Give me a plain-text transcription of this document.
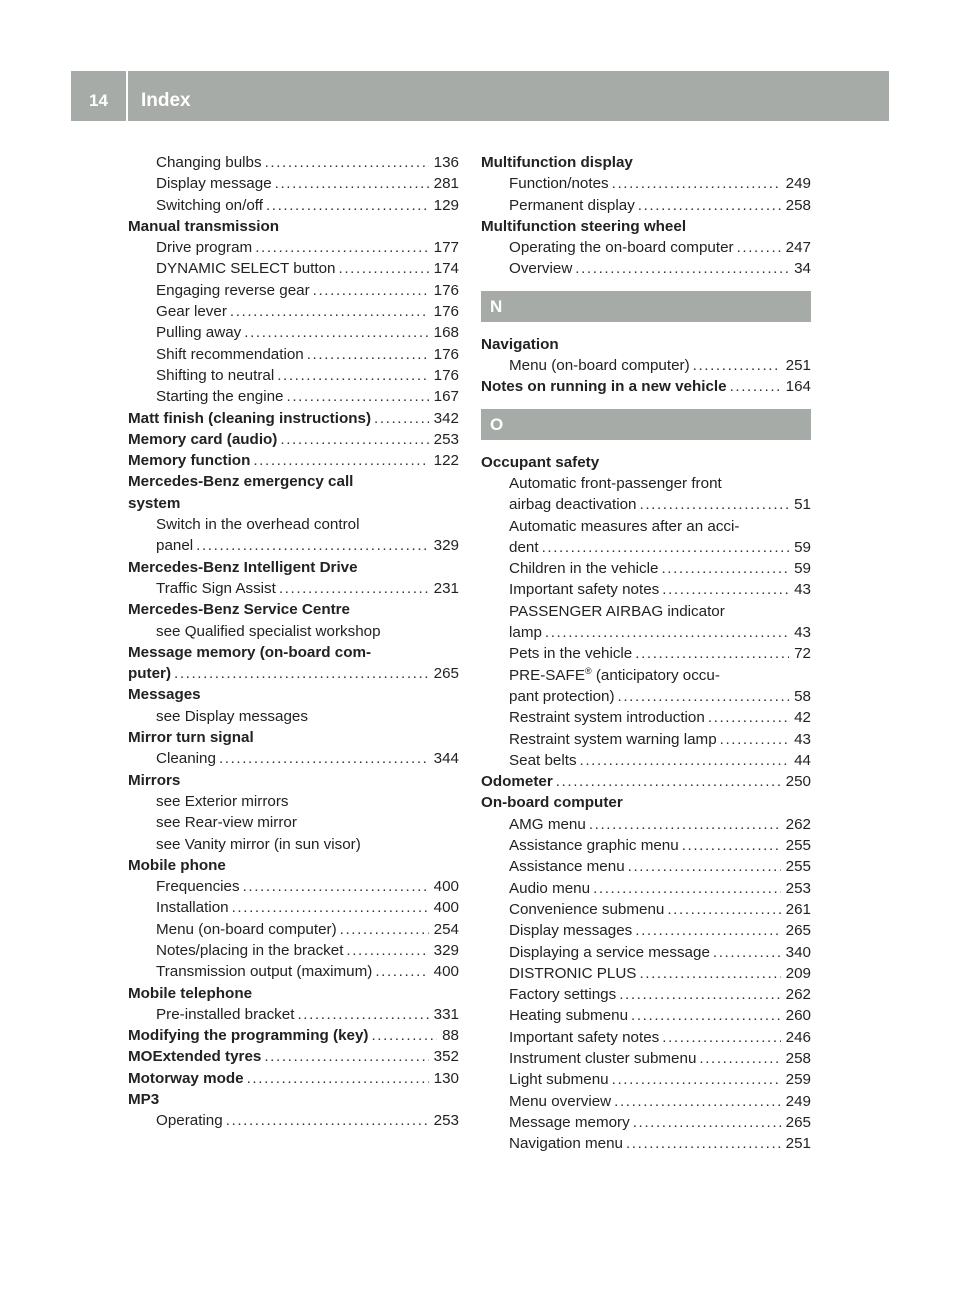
14	Index
Changing bulbs .....	136
Display message .....	281
Switching on/off .....	129
Manual transmission
Drive program .....	177
DYNAMIC SELECT button .....	174
Engaging reverse gear .....	176
Gear lever .....	176
Pulling away .....	168
Shift recommendation .....	176
Shifting to neutral .....	176
Starting the engine .....	167
Matt finish (cleaning instructions) .....	342
Memory card (audio) .....	253
Memory function .....	122
Mercedes-Benz emergency call
system
Switch in the overhead control
panel .....	329
Mercedes-Benz Intelligent Drive
Traffic Sign Assist .....	231
Mercedes-Benz Service Centre
see Qualified specialist workshop
Message memory (on-board com-
puter) .....	265
Messages
see Display messages
Mirror turn signal
Cleaning .....	344
Mirrors
see Exterior mirrors
see Rear-view mirror
see Vanity mirror (in sun visor)
Mobile phone
Frequencies .....	400
Installation .....	400
Menu (on-board computer) .....	254
Notes/placing in the bracket .....	329
Transmission output (maximum) .....	400
Mobile telephone
Pre-installed bracket .....	331
Modifying the programming (key) .....	88
MOExtended tyres .....	352
Motorway mode .....	130
MP3
Operating .....	253
Multifunction display
Function/notes .....	249
Permanent display .....	258
Multifunction steering wheel
Operating the on-board computer .....	247
Overview .....	34
N
Navigation
Menu (on-board computer) .....	251
Notes on running in a new vehicle .....	164
O
Occupant safety
Automatic front-passenger front
airbag deactivation .....	51
Automatic measures after an acci-
dent .....	59
Children in the vehicle .....	59
Important safety notes .....	43
PASSENGER AIRBAG indicator
lamp .....	43
Pets in the vehicle .....	72
PRE-SAFE® (anticipatory occu-
pant protection) .....	58
Restraint system introduction .....	42
Restraint system warning lamp .....	43
Seat belts .....	44
Odometer .....	250
On-board computer
AMG menu .....	262
Assistance graphic menu .....	255
Assistance menu .....	255
Audio menu .....	253
Convenience submenu .....	261
Display messages .....	265
Displaying a service message .....	340
DISTRONIC PLUS .....	209
Factory settings .....	262
Heating submenu .....	260
Important safety notes .....	246
Instrument cluster submenu .....	258
Light submenu .....	259
Menu overview .....	249
Message memory .....	265
Navigation menu .....	251
